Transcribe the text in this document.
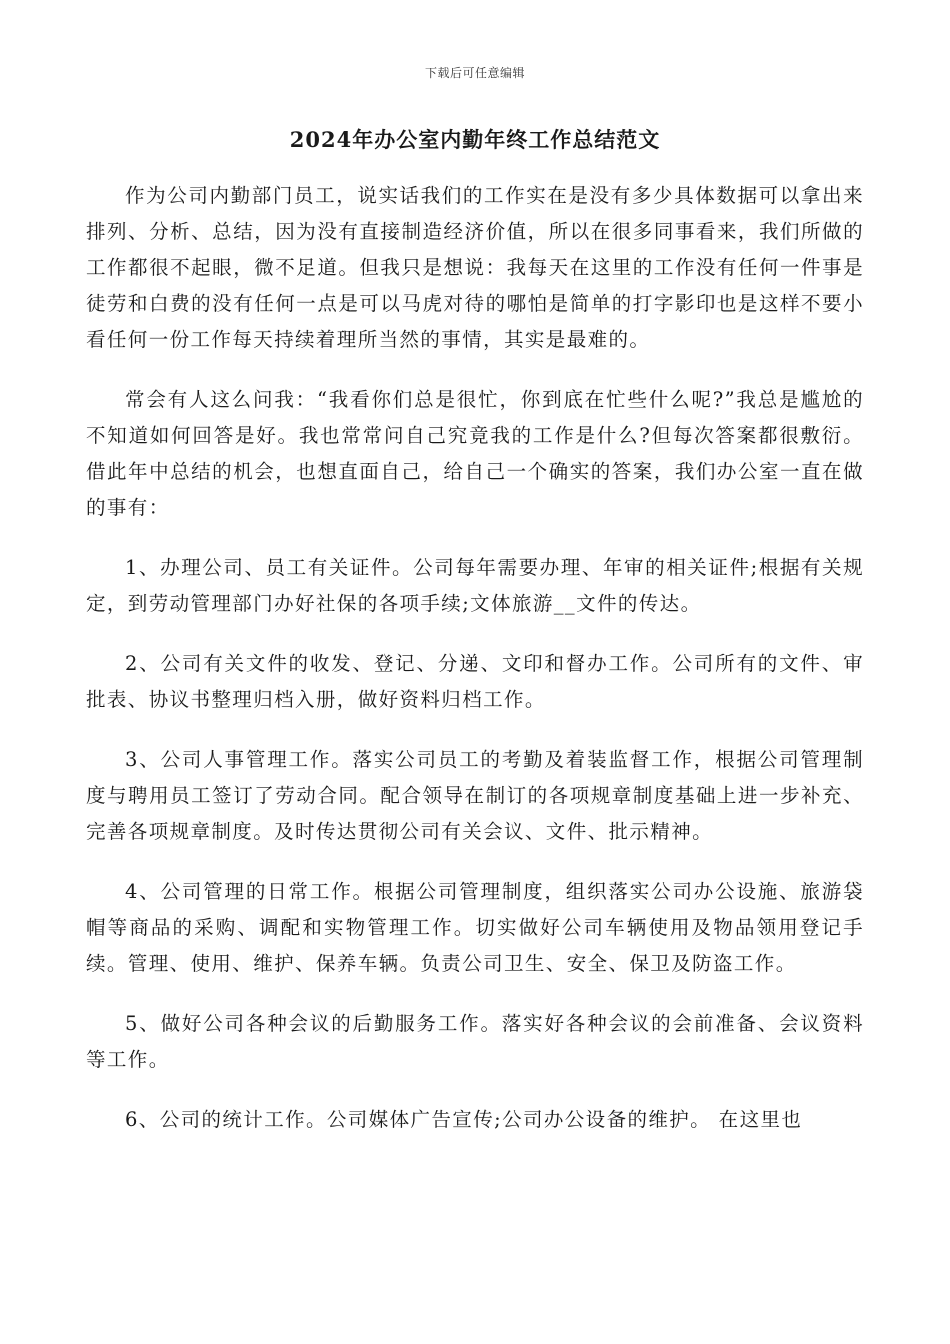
下载后可任意编辑
2024年办公室内勤年终工作总结范文

作为公司内勤部门员工，说实话我们的工作实在是没有多少具体数据可以拿出来排列、分析、总结，因为没有直接制造经济价值，所以在很多同事看来，我们所做的工作都很不起眼，微不足道。但我只是想说：我每天在这里的工作没有任何一件事是徒劳和白费的没有任何一点是可以马虎对待的哪怕是简单的打字影印也是这样不要小看任何一份工作每天持续着理所当然的事情，其实是最难的。

常会有人这么问我：“我看你们总是很忙，你到底在忙些什么呢?”我总是尴尬的不知道如何回答是好。我也常常问自己究竟我的工作是什么?但每次答案都很敷衍。借此年中总结的机会，也想直面自己，给自己一个确实的答案，我们办公室一直在做的事有：

1、办理公司、员工有关证件。公司每年需要办理、年审的相关证件;根据有关规定，到劳动管理部门办好社保的各项手续;文体旅游__文件的传达。

2、公司有关文件的收发、登记、分递、文印和督办工作。公司所有的文件、审批表、协议书整理归档入册，做好资料归档工作。

3、公司人事管理工作。落实公司员工的考勤及着装监督工作，根据公司管理制度与聘用员工签订了劳动合同。配合领导在制订的各项规章制度基础上进一步补充、完善各项规章制度。及时传达贯彻公司有关会议、文件、批示精神。

4、公司管理的日常工作。根据公司管理制度，组织落实公司办公设施、旅游袋帽等商品的采购、调配和实物管理工作。切实做好公司车辆使用及物品领用登记手续。管理、使用、维护、保养车辆。负责公司卫生、安全、保卫及防盗工作。

5、做好公司各种会议的后勤服务工作。落实好各种会议的会前准备、会议资料等工作。

6、公司的统计工作。公司媒体广告宣传;公司办公设备的维护。 在这里也
